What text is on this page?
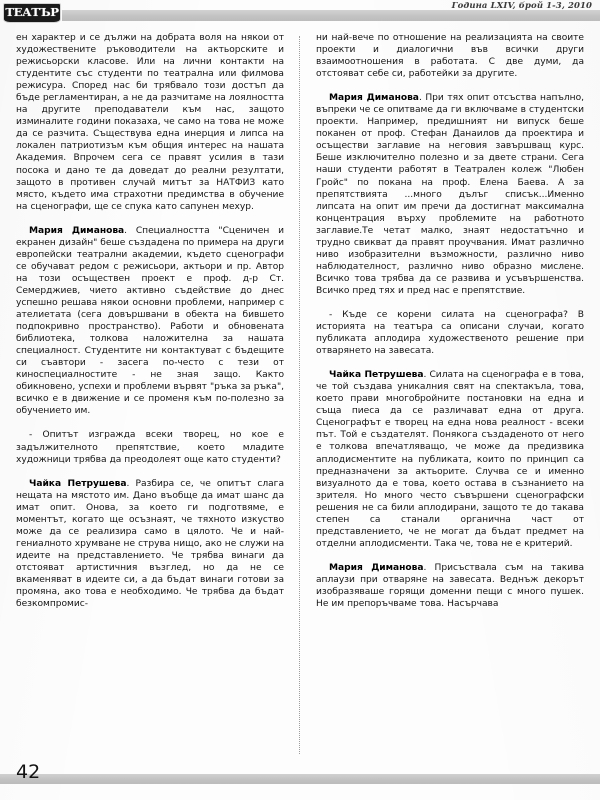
ТЕАТЪР	Година LXIV, брой 1-3, 2010

ен характер и се дължи на добрата воля на някои от художествените ръководители на актьорските и режисьорски класове. Или на лични контакти на студентите със студенти по театрална или филмова режисура. Според нас би трябвало този достъп да бъде регламентиран, а не да разчитаме на лоялността на другите преподаватели към нас, защото изминалите години показаха, че само на това не може да се разчита. Съществува една инерция и липса на локален патриотизъм към общия интерес на нашата Академия. Впрочем сега се правят усилия в тази посока и дано те да доведат до реални резултати, защото в противен случай митът за НАТФИЗ като място, където има страхотни предимства в обучение на сценографи, ще се спука като сапунен мехур.

Мария Диманова. Специалността "Сценичен и екранен дизайн" беше създадена по примера на други европейски театрални академии, където сценографи се обучават редом с режисьори, актьори и пр. Автор на този осъществен проект е проф. д-р Ст. Семерджиев, чието активно съдействие до днес успешно решава някои основни проблеми, например с ателиетата (сега довършвани в обекта на бившето подпокривно пространство). Работи и обновената библиотека, толкова наложителна за нашата специалност. Студентите ни контактуват с бъдещите си съавтори - засега по-често с тези от киноспециалностите - не зная защо. Както обикновено, успехи и проблеми вървят "ръка за ръка", всичко е в движение и се променя към по-полезно за обучението им.

- Опитът изгражда всеки творец, но кое е задължителното препятствие, което младите художници трябва да преодолеят още като студенти?

Чайка Петрушева. Разбира се, че опитът слага нещата на мястото им. Дано въобще да имат шанс да имат опит. Онова, за което ги подготвяме, е моментът, когато ще осъзнаят, че тяхното изкуство може да се реализира само в цялото. Че и най-гениалното хрумване не струва нищо, ако не служи на идеите на представлението. Че трябва винаги да отстояват артистичния възглед, но да не се вкаменяват в идеите си, а да бъдат винаги готови за промяна, ако това е необходимо. Че трябва да бъдат безкомпромис-

ни най-вече по отношение на реализацията на своите проекти и диалогични във всички други взаимоотношения в работата. С две думи, да отстояват себе си, работейки за другите.

Мария Диманова. При тях опит отсъства напълно, въпреки че се опитваме да ги включваме в студентски проекти. Например, предишният ни випуск беше поканен от проф. Стефан Данаилов да проектира и осъществи заглавие на неговия завършващ курс. Беше изключително полезно и за двете страни. Сега наши студенти работят в Театрален колеж "Любен Гройс" по покана на проф. Елена Баева. А за препятствията ...много дълъг списък...Именно липсата на опит им пречи да достигнат максимална концентрация върху проблемите на работното заглавие.Те четат малко, знаят недостатъчно и трудно свикват да правят проучвания. Имат различно ниво изобразителни възможности, различно ниво наблюдателност, различно ниво образно мислене. Всичко това трябва да се развива и усъвършенства. Всичко пред тях и пред нас е препятствие.

- Къде се корени силата на сценографа? В историята на театъра са описани случаи, когато публиката аплодира художественото решение при отварянето на завесата.

Чайка Петрушева. Силата на сценографа е в това, че той създава уникалния свят на спектакъла, това, което прави многобройните постановки на една и съща пиеса да се различават една от друга. Сценографът е творец на една нова реалност - всеки път. Той е създателят. Понякога създаденото от него е толкова впечатляващо, че може да предизвика аплодисментите на публиката, които по принцип са предназначени за актьорите. Случва се и именно визуалното да е това, което остава в съзнанието на зрителя. Но много често съвършени сценографски решения не са били аплодирани, защото те до такава степен са станали органична част от представлението, че не могат да бъдат предмет на отделни аплодисменти. Така че, това не е критерий.

Мария Диманова. Присъствала съм на такива аплаузи при отваряне на завесата. Веднъж декорът изобразяваше горящи доменни пещи с много пушек. Не им препоръчваме това. Насърчава

42
